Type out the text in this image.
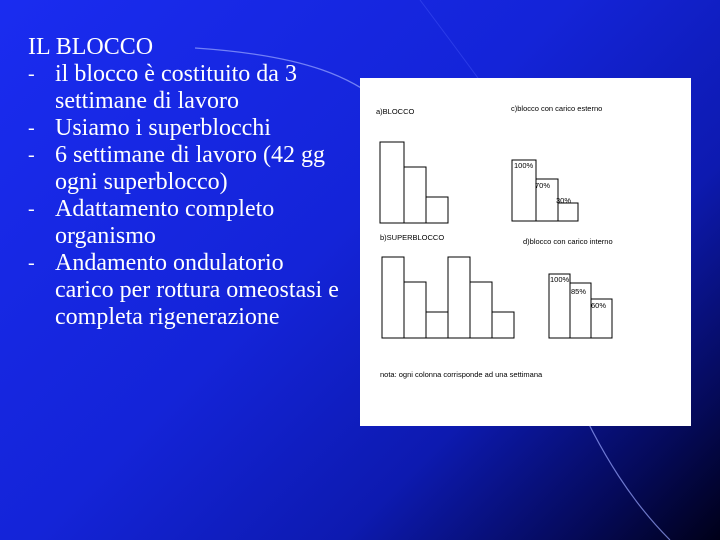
IL BLOCCO

- il blocco è costituito da 3 settimane di lavoro
- Usiamo i superblocchi
- 6 settimane di lavoro (42 gg ogni superblocco)
- Adattamento completo organismo
- Andamento ondulatorio carico per rottura omeostasi e completa rigenerazione
a)BLOCCO	c)blocco con carico esterno
100%
70%
30%
b)SUPERBLOCCO	d)blocco con carico interno
100%
85%
60%
nota: ogni colonna corrisponde ad una settimana
